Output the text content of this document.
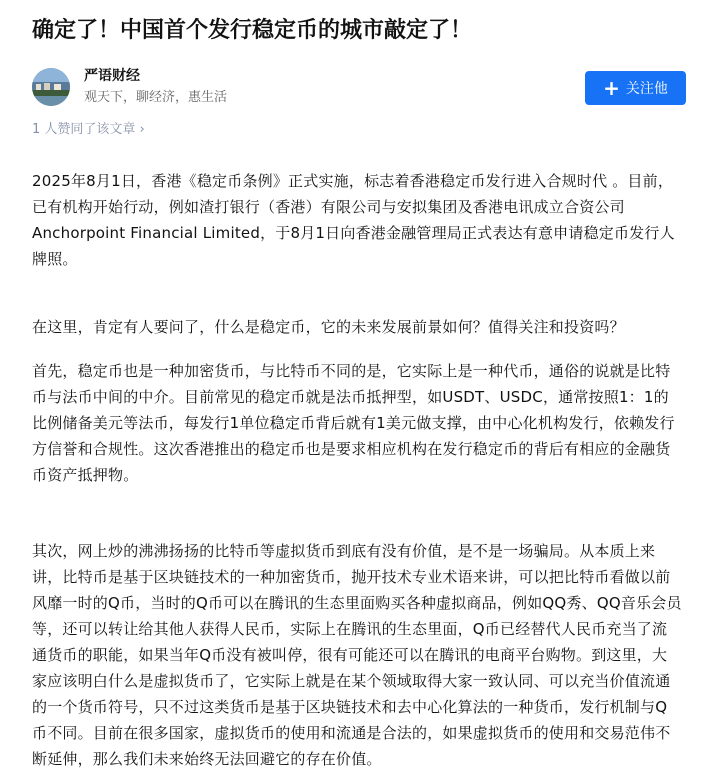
确定了！中国首个发行稳定币的城市敲定了！
严语财经
观天下，聊经济，惠生活	+ 关注他
1 人赞同了该文章 ›

2025年8月1日，香港《稳定币条例》正式实施，标志着香港稳定币发行进入合规时代 。目前，已有机构开始行动，例如渣打银行（香港）有限公司与安拟集团及香港电讯成立合资公司Anchorpoint Financial Limited，于8月1日向香港金融管理局正式表达有意申请稳定币发行人牌照。

在这里，肯定有人要问了，什么是稳定币，它的未来发展前景如何？值得关注和投资吗？

首先，稳定币也是一种加密货币，与比特币不同的是，它实际上是一种代币，通俗的说就是比特币与法币中间的中介。目前常见的稳定币就是法币抵押型，如USDT、USDC，通常按照1：1的比例储备美元等法币，每发行1单位稳定币背后就有1美元做支撑，由中心化机构发行，依赖发行方信誉和合规性。这次香港推出的稳定币也是要求相应机构在发行稳定币的背后有相应的金融货币资产抵押物。

其次，网上炒的沸沸扬扬的比特币等虚拟货币到底有没有价值，是不是一场骗局。从本质上来讲，比特币是基于区块链技术的一种加密货币，抛开技术专业术语来讲，可以把比特币看做以前风靡一时的Q币，当时的Q币可以在腾讯的生态里面购买各种虚拟商品，例如QQ秀、QQ音乐会员等，还可以转让给其他人获得人民币，实际上在腾讯的生态里面，Q币已经替代人民币充当了流通货币的职能，如果当年Q币没有被叫停，很有可能还可以在腾讯的电商平台购物。到这里，大家应该明白什么是虚拟货币了，它实际上就是在某个领域取得大家一致认同、可以充当价值流通的一个货币符号，只不过这类货币是基于区块链技术和去中心化算法的一种货币，发行机制与Q币不同。目前在很多国家，虚拟货币的使用和流通是合法的，如果虚拟货币的使用和交易范伟不断延伸，那么我们未来始终无法回避它的存在价值。
